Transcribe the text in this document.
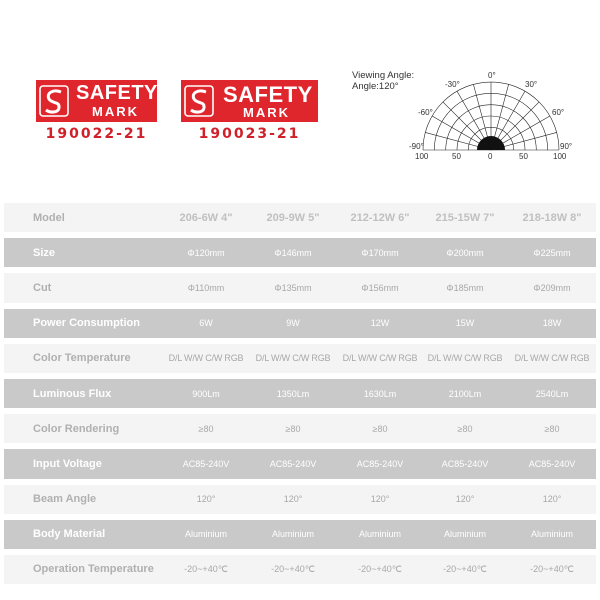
SAFETY
MARK
190022-21
SAFETY
MARK
190023-21
Viewing Angle:
Angle:120°
-90°
-60°
-30°
0°
30°
60°
90°
100	50	0	50	100
Model	206-6W 4"	209-9W 5"	212-12W 6"	215-15W 7"	218-18W 8"

Size	Φ120mm	Φ146mm	Φ170mm	Φ200mm	Φ225mm

Cut	Φ110mm	Φ135mm	Φ156mm	Φ185mm	Φ209mm

Power Consumption	6W	9W	12W	15W	18W

Color Temperature	D/L W/W C/W RGB	D/L W/W C/W RGB	D/L W/W C/W RGB	D/L W/W C/W RGB	D/L W/W C/W RGB

Luminous Flux	900Lm	1350Lm	1630Lm	2100Lm	2540Lm

Color Rendering	≥80	≥80	≥80	≥80	≥80

Input Voltage	AC85-240V	AC85-240V	AC85-240V	AC85-240V	AC85-240V

Beam Angle	120°	120°	120°	120°	120°

Body Material	Aluminium	Aluminium	Aluminium	Aluminium	Aluminium

Operation Temperature	-20~+40℃	-20~+40℃	-20~+40℃	-20~+40℃	-20~+40℃
